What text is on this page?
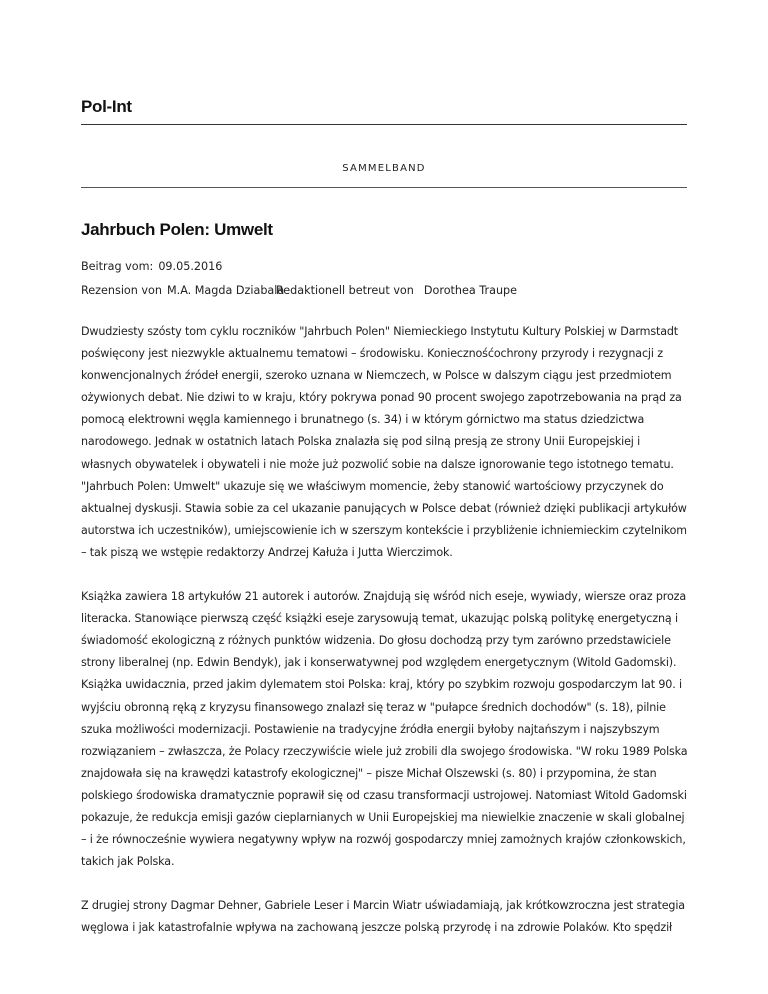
Pol-Int
SAMMELBAND
Jahrbuch Polen: Umwelt
Beitrag vom: 09.05.2016
Rezension von M.A. Magda Dziabala
Redaktionell betreut von Dorothea Traupe

Dwudziesty szósty tom cyklu roczników "Jahrbuch Polen" Niemieckiego Instytutu Kultury Polskiej w Darmstadt
poświęcony jest niezwykle aktualnemu tematowi – środowisku. Koniecznośćochrony przyrody i rezygnacji z
konwencjonalnych źródeł energii, szeroko uznana w Niemczech, w Polsce w dalszym ciągu jest przedmiotem
ożywionych debat. Nie dziwi to w kraju, który pokrywa ponad 90 procent swojego zapotrzebowania na prąd za
pomocą elektrowni węgla kamiennego i brunatnego (s. 34) i w którym górnictwo ma status dziedzictwa
narodowego. Jednak w ostatnich latach Polska znalazła się pod silną presją ze strony Unii Europejskiej i
własnych obywatelek i obywateli i nie może już pozwolić sobie na dalsze ignorowanie tego istotnego tematu.
"Jahrbuch Polen: Umwelt" ukazuje się we właściwym momencie, żeby stanowić wartościowy przyczynek do
aktualnej dyskusji. Stawia sobie za cel ukazanie panujących w Polsce debat (również dzięki publikacji artykułów
autorstwa ich uczestników), umiejscowienie ich w szerszym kontekście i przybliżenie ichniemieckim czytelnikom
– tak piszą we wstępie redaktorzy Andrzej Kałuża i Jutta Wierczimok.

Książka zawiera 18 artykułów 21 autorek i autorów. Znajdują się wśród nich eseje, wywiady, wiersze oraz proza
literacka. Stanowiące pierwszą część książki eseje zarysowują temat, ukazując polską politykę energetyczną i
świadomość ekologiczną z różnych punktów widzenia. Do głosu dochodzą przy tym zarówno przedstawiciele
strony liberalnej (np. Edwin Bendyk), jak i konserwatywnej pod względem energetycznym (Witold Gadomski).
Książka uwidacznia, przed jakim dylematem stoi Polska: kraj, który po szybkim rozwoju gospodarczym lat 90. i
wyjściu obronną ręką z kryzysu finansowego znalazł się teraz w "pułapce średnich dochodów" (s. 18), pilnie
szuka możliwości modernizacji. Postawienie na tradycyjne źródła energii byłoby najtańszym i najszybszym
rozwiązaniem – zwłaszcza, że Polacy rzeczywiście wiele już zrobili dla swojego środowiska. "W roku 1989 Polska
znajdowała się na krawędzi katastrofy ekologicznej" – pisze Michał Olszewski (s. 80) i przypomina, że stan
polskiego środowiska dramatycznie poprawił się od czasu transformacji ustrojowej. Natomiast Witold Gadomski
pokazuje, że redukcja emisji gazów cieplarnianych w Unii Europejskiej ma niewielkie znaczenie w skali globalnej
– i że równocześnie wywiera negatywny wpływ na rozwój gospodarczy mniej zamożnych krajów członkowskich,
takich jak Polska.

Z drugiej strony Dagmar Dehner, Gabriele Leser i Marcin Wiatr uświadamiają, jak krótkowzroczna jest strategia
węglowa i jak katastrofalnie wpływa na zachowaną jeszcze polską przyrodę i na zdrowie Polaków. Kto spędził
